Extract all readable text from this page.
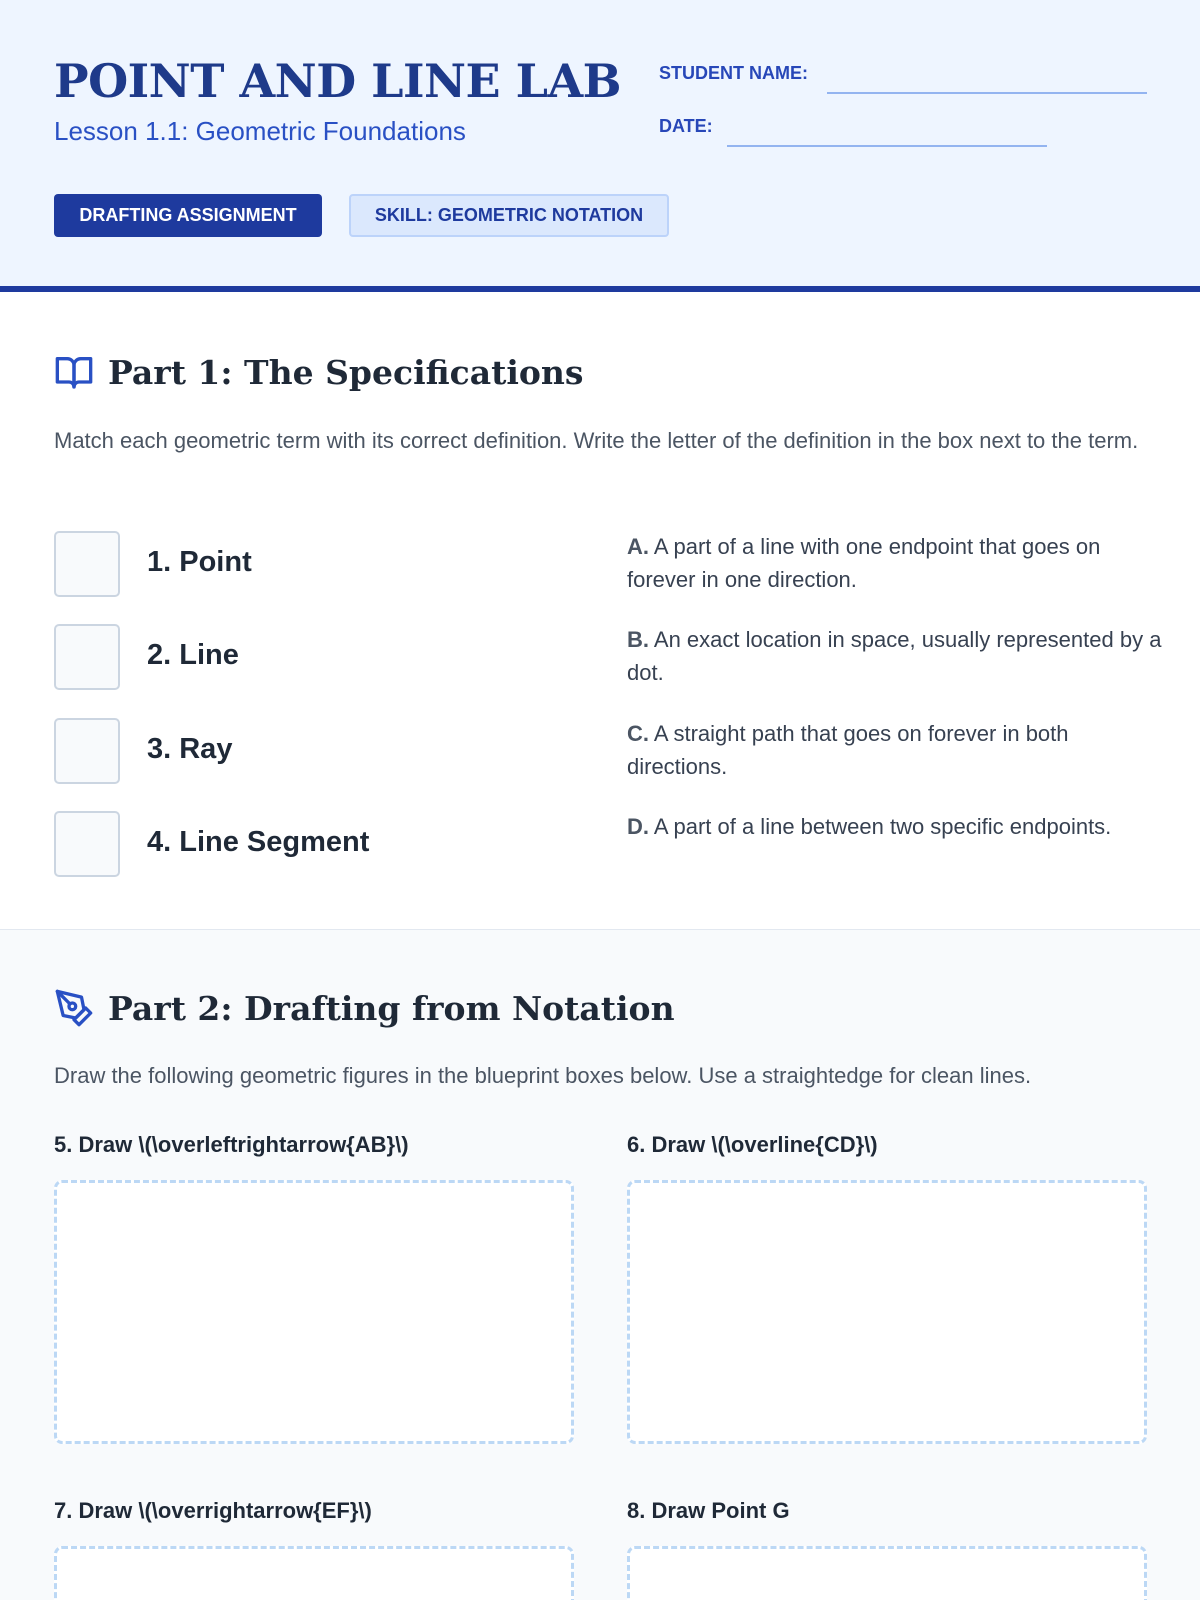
POINT AND LINE LAB
Lesson 1.1: Geometric Foundations
STUDENT NAME:
DATE:
DRAFTING ASSIGNMENT	SKILL: GEOMETRIC NOTATION
Part 1: The Specifications
Match each geometric term with its correct definition. Write the letter of the definition in the box next to the term.
1. Point
2. Line
3. Ray
4. Line Segment
A. A part of a line with one endpoint that goes on forever in one direction.
B. An exact location in space, usually represented by a dot.
C. A straight path that goes on forever in both directions.
D. A part of a line between two specific endpoints.
Part 2: Drafting from Notation
Draw the following geometric figures in the blueprint boxes below. Use a straightedge for clean lines.
5. Draw \(\overleftrightarrow{AB}\)	6. Draw \(\overline{CD}\)
7. Draw \(\overrightarrow{EF}\)	8. Draw Point G
